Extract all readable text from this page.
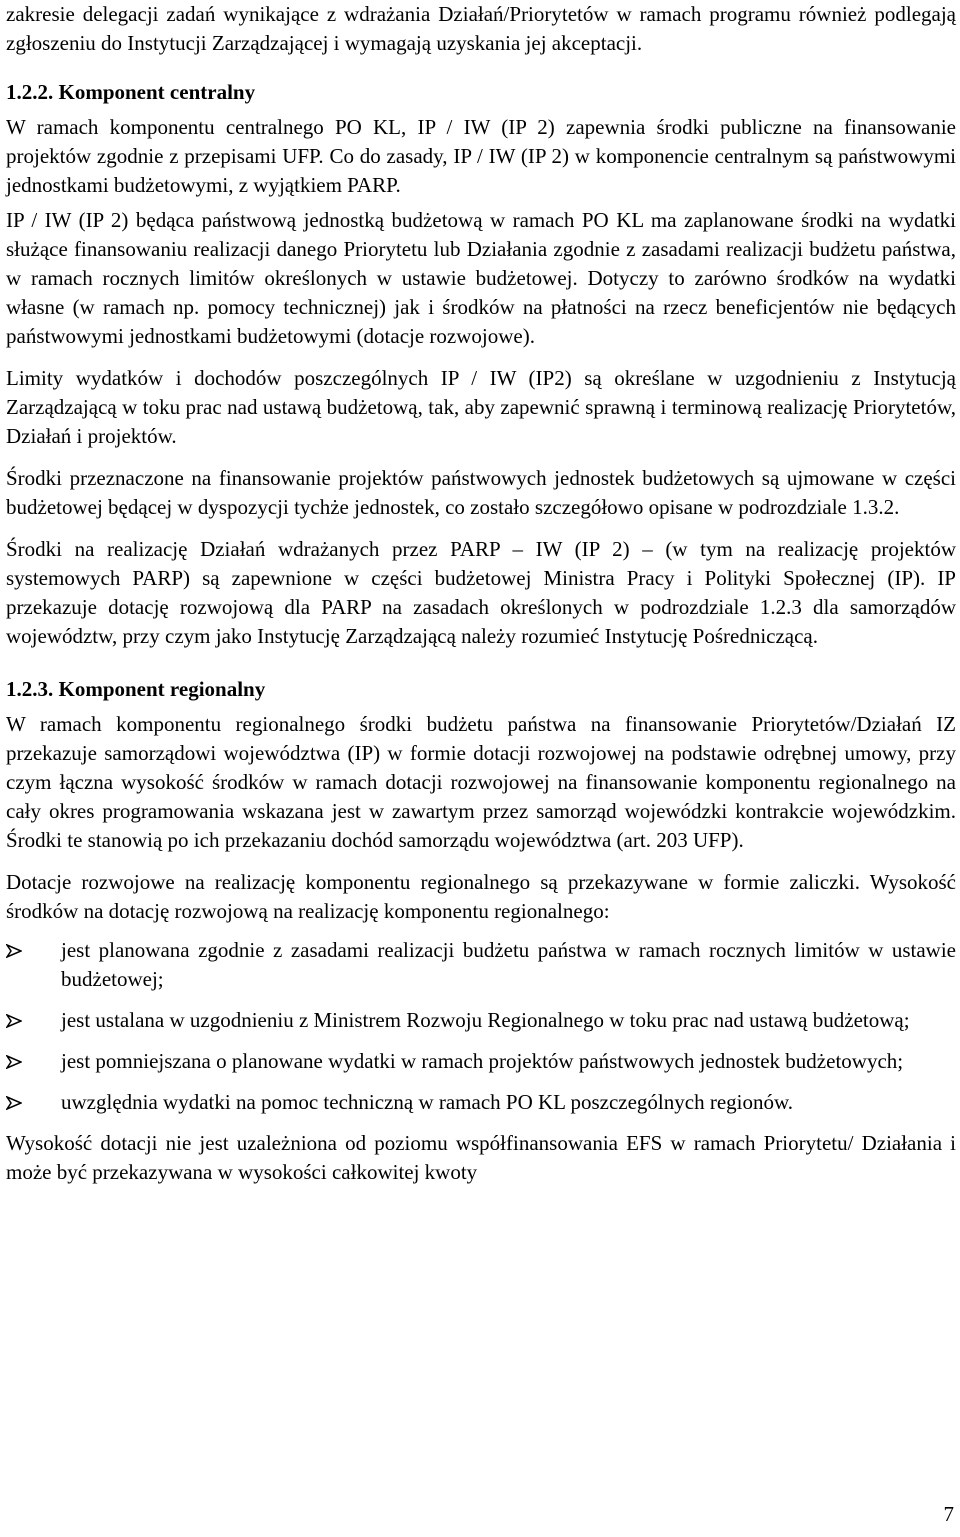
zakresie delegacji zadań wynikające z wdrażania Działań/Priorytetów w ramach programu również podlegają zgłoszeniu do Instytucji Zarządzającej i wymagają uzyskania jej akceptacji.

1.2.2. Komponent centralny

W ramach komponentu centralnego PO KL, IP / IW (IP 2) zapewnia środki publiczne na finansowanie projektów zgodnie z przepisami UFP. Co do zasady, IP / IW (IP 2) w komponencie centralnym są państwowymi jednostkami budżetowymi, z wyjątkiem PARP.

IP / IW (IP 2) będąca państwową jednostką budżetową w ramach PO KL ma zaplanowane środki na wydatki służące finansowaniu realizacji danego Priorytetu lub Działania zgodnie z zasadami realizacji budżetu państwa, w ramach rocznych limitów określonych w ustawie budżetowej. Dotyczy to zarówno środków na wydatki własne (w ramach np. pomocy technicznej) jak i środków na płatności na rzecz beneficjentów nie będących państwowymi jednostkami budżetowymi (dotacje rozwojowe).

Limity wydatków i dochodów poszczególnych IP / IW (IP2) są określane w uzgodnieniu z Instytucją Zarządzającą w toku prac nad ustawą budżetową, tak, aby zapewnić sprawną i terminową realizację Priorytetów, Działań i projektów.

Środki przeznaczone na finansowanie projektów państwowych jednostek budżetowych są ujmowane w części budżetowej będącej w dyspozycji tychże jednostek, co zostało szczegółowo opisane w podrozdziale 1.3.2.

Środki na realizację Działań wdrażanych przez PARP – IW (IP 2) – (w tym na realizację projektów systemowych PARP) są zapewnione w części budżetowej Ministra Pracy i Polityki Społecznej (IP). IP przekazuje dotację rozwojową dla PARP na zasadach określonych w podrozdziale 1.2.3 dla samorządów województw, przy czym jako Instytucję Zarządzającą należy rozumieć Instytucję Pośredniczącą.

1.2.3. Komponent regionalny

W ramach komponentu regionalnego środki budżetu państwa na finansowanie Priorytetów/Działań IZ przekazuje samorządowi województwa (IP) w formie dotacji rozwojowej na podstawie odrębnej umowy, przy czym łączna wysokość środków w ramach dotacji rozwojowej na finansowanie komponentu regionalnego na cały okres programowania wskazana jest w zawartym przez samorząd wojewódzki kontrakcie wojewódzkim. Środki te stanowią po ich przekazaniu dochód samorządu województwa (art. 203 UFP).

Dotacje rozwojowe na realizację komponentu regionalnego są przekazywane w formie zaliczki. Wysokość środków na dotację rozwojową na realizację komponentu regionalnego:

jest planowana zgodnie z zasadami realizacji budżetu państwa w ramach rocznych limitów w ustawie budżetowej;
jest ustalana w uzgodnieniu z Ministrem Rozwoju Regionalnego w toku prac nad ustawą budżetową;
jest pomniejszana o planowane wydatki w ramach projektów państwowych jednostek budżetowych;
uwzględnia wydatki na pomoc techniczną w ramach PO KL poszczególnych regionów.

Wysokość dotacji nie jest uzależniona od poziomu współfinansowania EFS w ramach Priorytetu/ Działania i może być przekazywana w wysokości całkowitej kwoty

7
